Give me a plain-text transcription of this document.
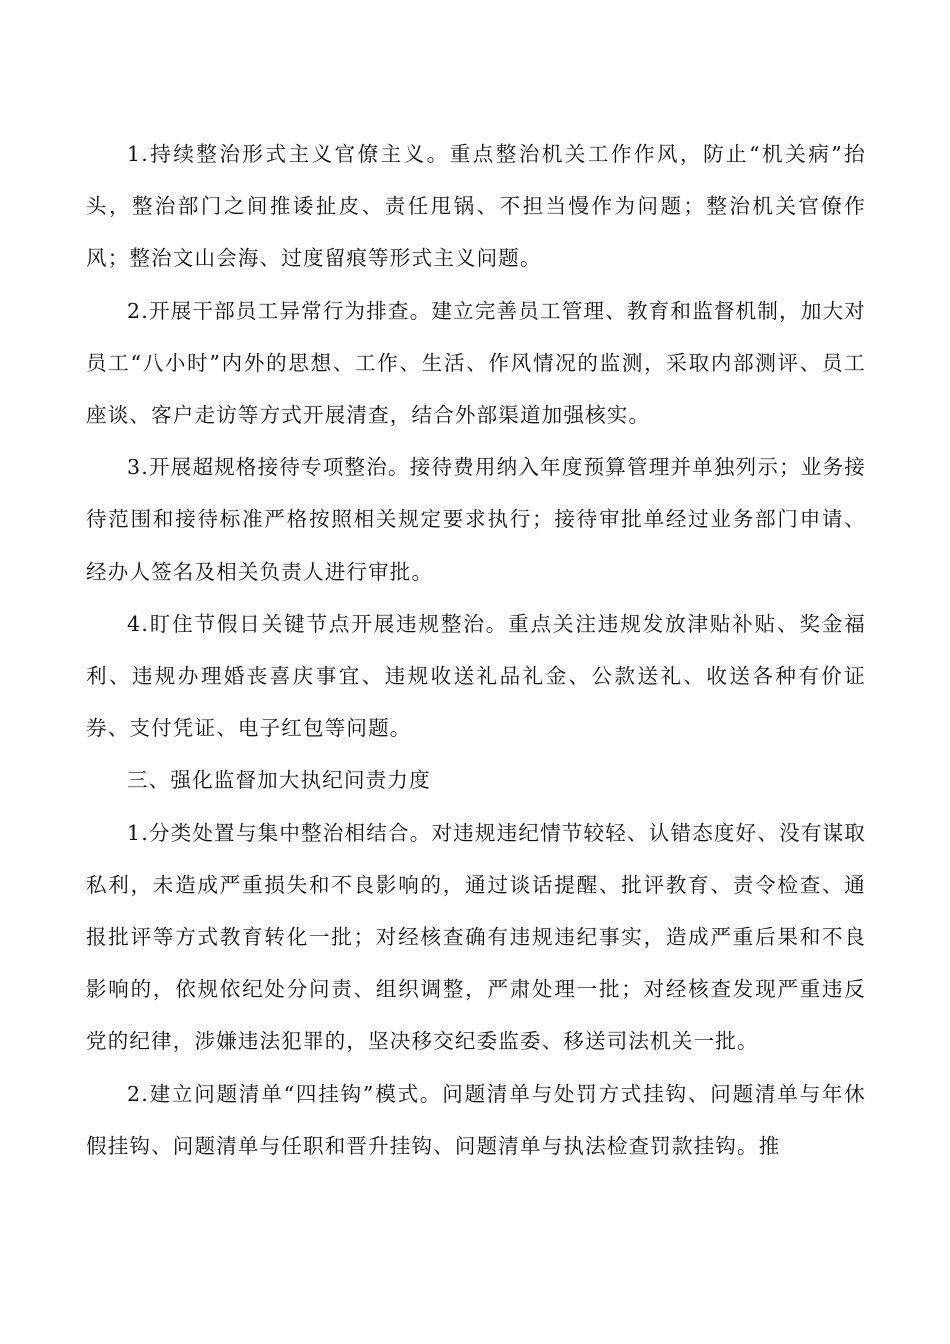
1.持续整治形式主义官僚主义。重点整治机关工作作风，防止“机关病”抬头，整治部门之间推诿扯皮、责任甩锅、不担当慢作为问题；整治机关官僚作风；整治文山会海、过度留痕等形式主义问题。

2.开展干部员工异常行为排查。建立完善员工管理、教育和监督机制，加大对员工“八小时”内外的思想、工作、生活、作风情况的监测，采取内部测评、员工座谈、客户走访等方式开展清查，结合外部渠道加强核实。

3.开展超规格接待专项整治。接待费用纳入年度预算管理并单独列示；业务接待范围和接待标准严格按照相关规定要求执行；接待审批单经过业务部门申请、经办人签名及相关负责人进行审批。

4.盯住节假日关键节点开展违规整治。重点关注违规发放津贴补贴、奖金福利、违规办理婚丧喜庆事宜、违规收送礼品礼金、公款送礼、收送各种有价证券、支付凭证、电子红包等问题。

三、强化监督加大执纪问责力度

1.分类处置与集中整治相结合。对违规违纪情节较轻、认错态度好、没有谋取私利，未造成严重损失和不良影响的，通过谈话提醒、批评教育、责令检查、通报批评等方式教育转化一批；对经核查确有违规违纪事实，造成严重后果和不良影响的，依规依纪处分问责、组织调整，严肃处理一批；对经核查发现严重违反党的纪律，涉嫌违法犯罪的，坚决移交纪委监委、移送司法机关一批。

2.建立问题清单“四挂钩”模式。问题清单与处罚方式挂钩、问题清单与年休假挂钩、问题清单与任职和晋升挂钩、问题清单与执法检查罚款挂钩。推
